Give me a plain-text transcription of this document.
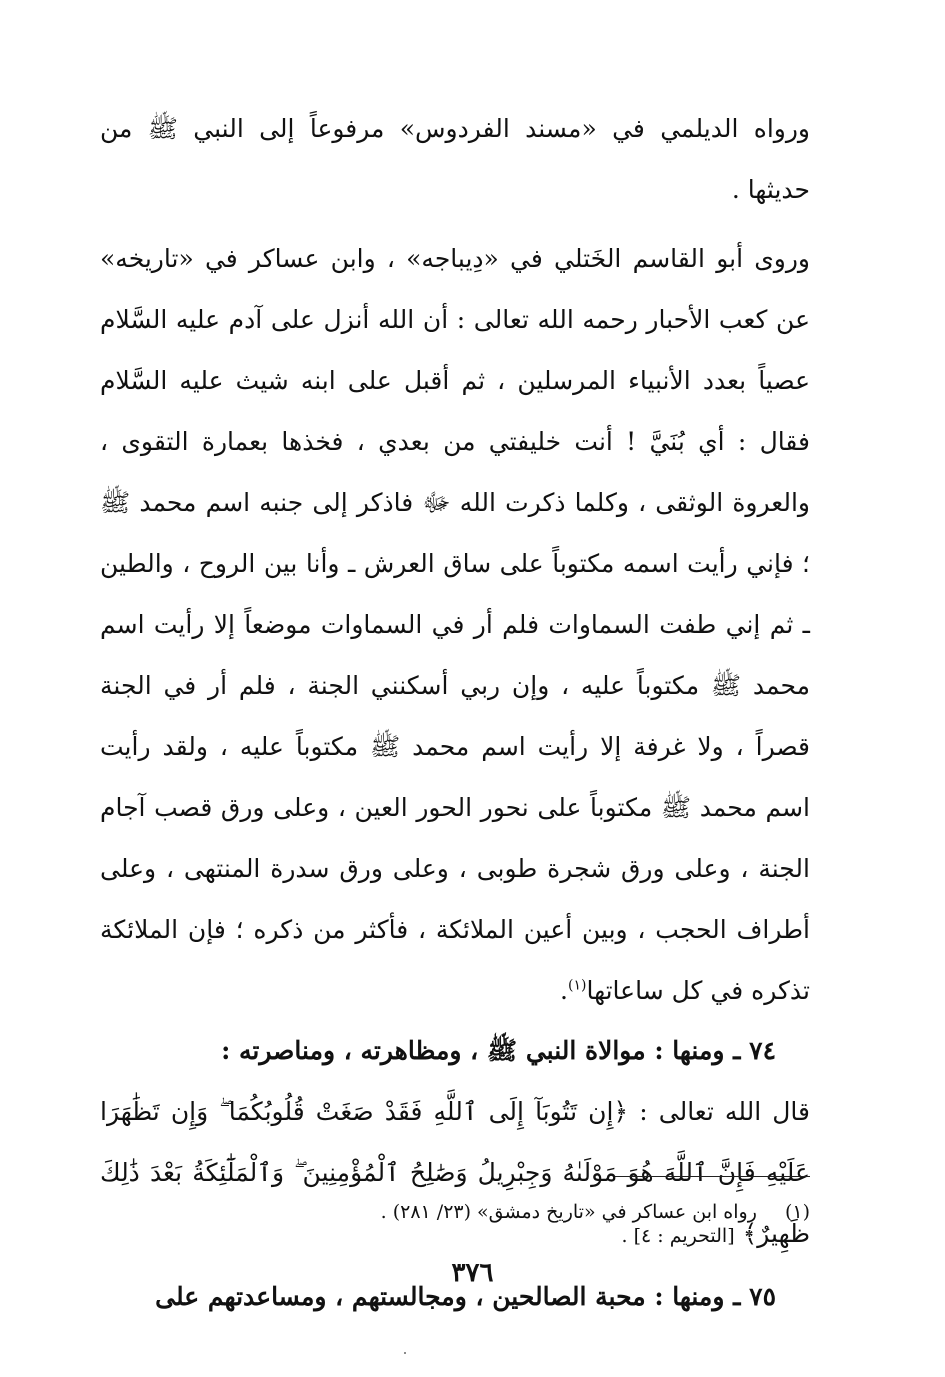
ورواه الديلمي في «مسند الفردوس» مرفوعاً إلى النبي ﷺ من حديثها .

وروى أبو القاسم الخَتلي في «دِيباجه» ، وابن عساكر في «تاريخه» عن كعب الأحبار رحمه الله تعالى : أن الله أنزل على آدم عليه السَّلام عصياً بعدد الأنبياء المرسلين ، ثم أقبل على ابنه شيث عليه السَّلام فقال : أي بُنَيَّ ! أنت خليفتي من بعدي ، فخذها بعمارة التقوى ، والعروة الوثقى ، وكلما ذكرت الله ﷻ فاذكر إلى جنبه اسم محمد ﷺ ؛ فإني رأيت اسمه مكتوباً على ساق العرش ـ وأنا بين الروح ، والطين ـ ثم إني طفت السماوات فلم أر في السماوات موضعاً إلا رأيت اسم محمد ﷺ مكتوباً عليه ، وإن ربي أسكنني الجنة ، فلم أر في الجنة قصراً ، ولا غرفة إلا رأيت اسم محمد ﷺ مكتوباً عليه ، ولقد رأيت اسم محمد ﷺ مكتوباً على نحور الحور العين ، وعلى ورق قصب آجام الجنة ، وعلى ورق شجرة طوبى ، وعلى ورق سدرة المنتهى ، وعلى أطراف الحجب ، وبين أعين الملائكة ، فأكثر من ذكره ؛ فإن الملائكة تذكره في كل ساعاتها$^{(١)}$.

٧٤ ـ ومنها : موالاة النبي ﷺ ، ومظاهرته ، ومناصرته :

قال الله تعالى : ﴿إِن تَتُوبَآ إِلَى ٱللَّهِ فَقَدْ صَغَتْ قُلُوبُكُمَا ۖ وَإِن تَظَٰهَرَا عَلَيْهِ فَإِنَّ ٱللَّهَ هُوَ مَوْلَىٰهُ وَجِبْرِيلُ وَصَٰلِحُ ٱلْمُؤْمِنِينَ ۖ وَٱلْمَلَٰٓئِكَةُ بَعْدَ ذَٰلِكَ ظَهِيرٌ﴾ [التحريم : ٤] .

٧٥ ـ ومنها : محبة الصالحين ، ومجالستهم ، ومساعدتهم على

(١) رواه ابن عساكر في «تاريخ دمشق» (٢٣/ ٢٨١) .

٣٧٦
